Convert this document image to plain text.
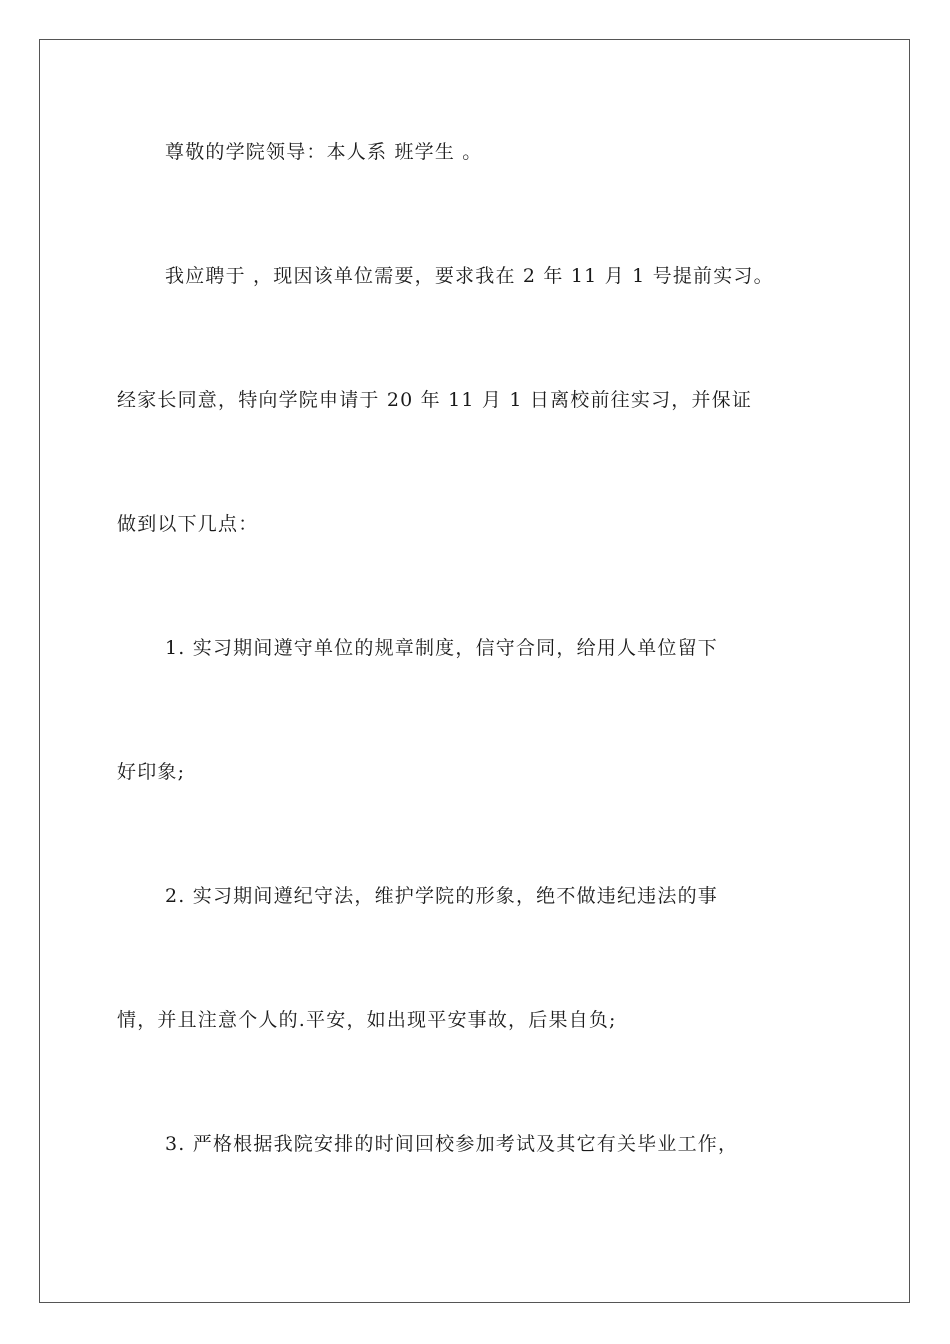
尊敬的学院领导：本人系 班学生 。
我应聘于 ，现因该单位需要，要求我在 2 年 11 月 1 号提前实习。
经家长同意，特向学院申请于 20 年 11 月 1 日离校前往实习，并保证
做到以下几点：
1. 实习期间遵守单位的规章制度，信守合同，给用人单位留下
好印象;
2. 实习期间遵纪守法，维护学院的形象，绝不做违纪违法的事
情，并且注意个人的.平安，如出现平安事故，后果自负;
3. 严格根据我院安排的时间回校参加考试及其它有关毕业工作，
